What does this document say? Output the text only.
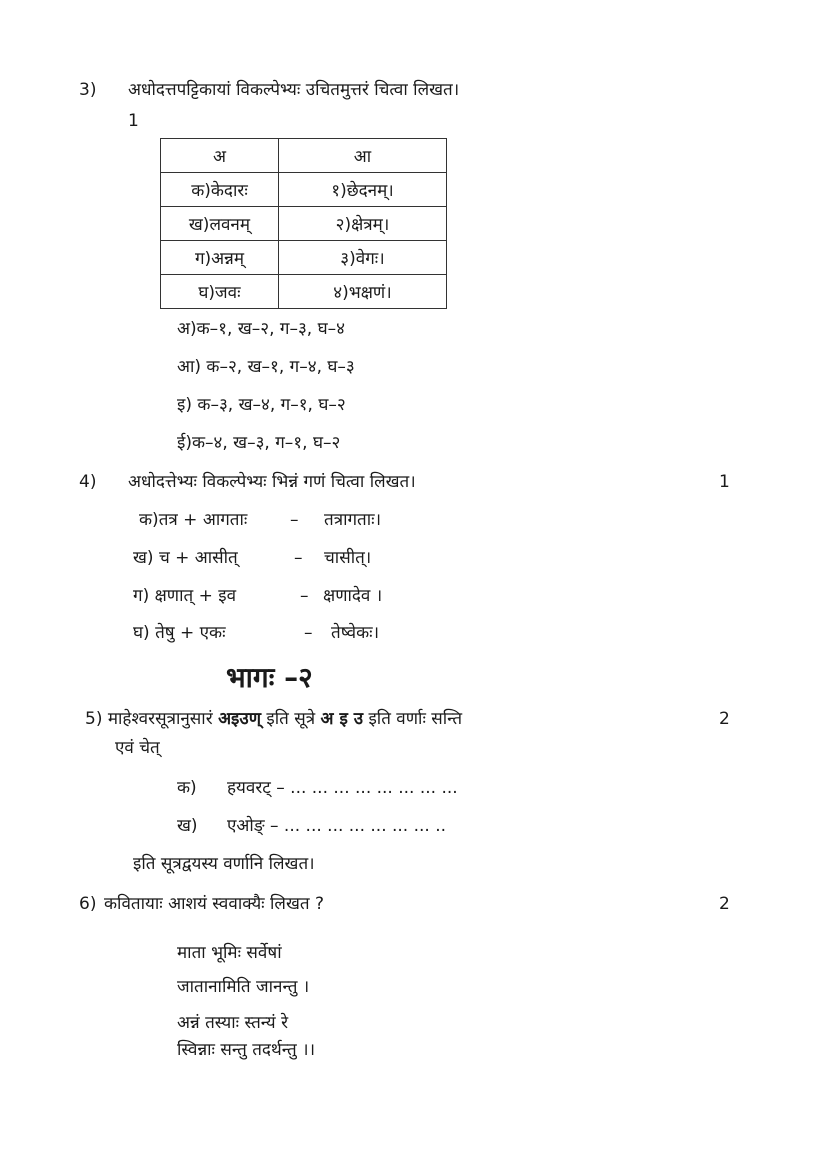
3) अधोदत्तपट्टिकायां विकल्पेभ्यः उचितमुत्तरं चित्वा लिखत।
1
अ	आ
क)केदारः	१)छेदनम्।
ख)लवनम्	२)क्षेत्रम्।
ग)अन्नम्	३)वेगः।
घ)जवः	४)भक्षणं।
अ)क–१, ख–२, ग–३, घ–४
आ) क–२, ख–१, ग–४, घ–३
इ) क–३, ख–४, ग–१, घ–२
ई)क–४, ख–३, ग–१, घ–२
4) अधोदत्तेभ्यः विकल्पेभ्यः भिन्नं गणं चित्वा लिखत।	1
क)तत्र + आगताः	– तत्रागताः।
ख) च + आसीत्	– चासीत्।
ग) क्षणात् + इव	– क्षणादेव ।
घ) तेषु + एकः	– तेष्वेकः।
भागः –२
5) माहेश्वरसूत्रानुसारं अइउण् इति सूत्रे अ इ उ इति वर्णाः सन्ति	2
एवं चेत्
क) हयवरट् – ... ... ... ... ... ... ... ...
ख) एओङ् – ... ... ... ... ... ... ... ..
इति सूत्रद्वयस्य वर्णानि लिखत।
6) कवितायाः आशयं स्ववाक्यैः लिखत ?	2
माता भूमिः सर्वेषां
जातानामिति जानन्तु ।
अन्नं तस्याः स्तन्यं रे
स्विन्नाः सन्तु तदर्थन्तु ।।
